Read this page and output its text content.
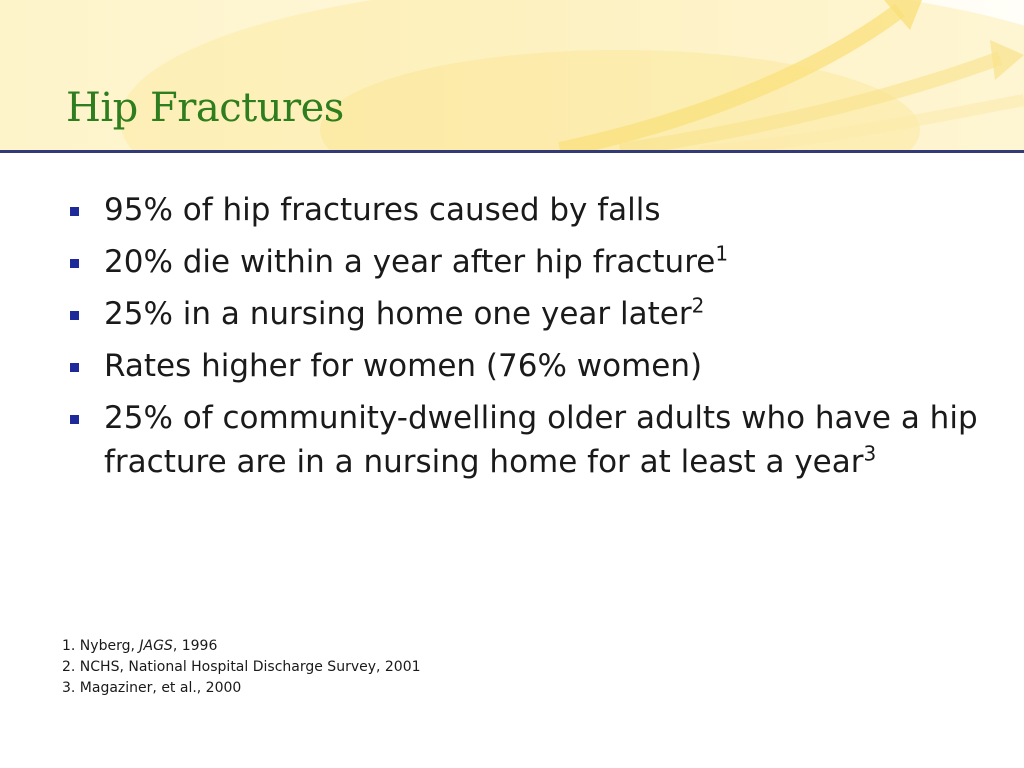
Hip Fractures
95% of hip fractures caused by falls
20% die within a year after hip fracture$^1$
25% in a nursing home one year later$^2$
Rates higher for women (76% women)
25% of community-dwelling older adults who have a hip fracture are in a nursing home for at least a year$^3$
1. Nyberg, JAGS, 1996
2. NCHS, National Hospital Discharge Survey, 2001
3. Magaziner, et al., 2000
